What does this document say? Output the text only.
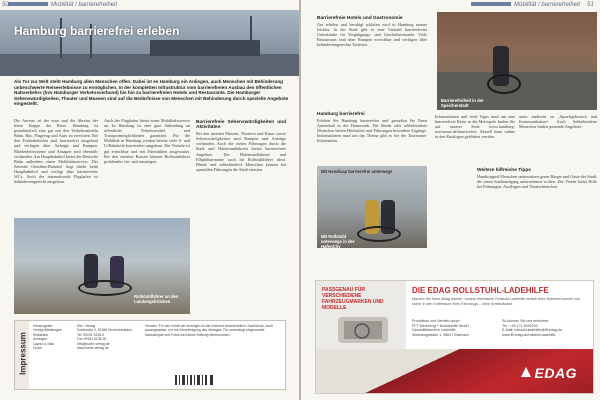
Mobilität / barrierefreiheit
50
Hamburg barrierefrei erleben
Als Tor zur Welt steht Hamburg allen Menschen offen. Dabei ist es Hamburg ein Anliegen, auch Menschen mit Behinderung unbeschwerte Reiseerlebnisse zu ermöglichen. In der kompletten Infrastruktur vom barrierefreien Ausbau des öffentlichen Nahverkehrs (hvv Hamburger Verkehrsverbund) bis hin zu barrierefreien Hotels und Restaurants. Die Hamburger Sehenswürdigkeiten, Theater und Museen sind auf die Bedürfnisse von Menschen mit Behinderung durch spezielle Angebote eingestellt.

Die Anreise ist der erste und die Abreise der letzte Etappe der Reise. Hamburg ist grundsätzlich eine gut mit den Verkehrsmitteln Bahn, Bus, Flugzeug und Auto zu erreichen. Bei den Fernbahnhöfen sind barrierefrei ausgebaut und verfügen über Aufzüge und Rampen. Blindenleitsysteme und Ansagen sind ebenfalls vorhanden. Am Hauptbahnhof bietet die Deutsche Bahn außerdem einen Mobilitätsservice. Der Zentrale Omnibus-Bahnhof liegt direkt beim Hauptbahnhof und verfügt über barrierefreie WCs. Auch der internationale Flughafen ist behindertengerecht ausgebaut.

Auch der Flughafen bietet einen Mobilitätsservice an. In Hamburg ist eine gute Anbindung an öffentliche Verkehrsmittel und Transportmöglichkeiten garantiert. Für die Mobilität in Hamburg werden bereits viele S- und U-Bahnhöfe barrierefrei umgebaut. Der Verkehr ist gut erreichbar und mit Fahrstühlen ausgestattet. Bei den meisten Bussen können Rollstuhlfahrer problemlos ein- und aussteigen.

Barrierefreie Sehenswürdigkeiten und Aktivitäten

Bei den meisten Museen, Theatern und Kinos sowie Sehenswürdigkeiten sind Rampen und Aufzüge vorhanden. Auch die vielen Führungen durch die Stadt und Hafenrundfahrten bieten barrierefreie Angebote. Der Hafenrundfahrten und Elbphilharmonie auch für Rollstuhlfahrer ideal. Blinde und sehbehinderte Menschen können bei speziellen Führungen die Stadt ertasten.

Rollstuhlfahrer an den Landungsbrücken
Impressum
Herausgeber
Verlag Mitteilungen
Redaktion
Anzeigen
Layout & Satz
Druck
Sitz / Verlag
Dorfstraße 4, 91356 Kirchehrenbach
Tel. 09191 6135-0
Fax 09191 6135-30
info@kurier-verlag.de
www.kurier-verlag.de
Hinweis: Für den Inhalt der Anzeigen ist der Inserent verantwortlich. Nachdruck, auch auszugsweise, nur mit Genehmigung des Verlages. Für unverlangt eingesandte Manuskripte und Fotos wird keine Haftung übernommen.
Mobilität / barrierefreiheit 51
Barrierefreie Hotels und Gastronomie

Gut erholen und beruhigt schlafen wird in Hamburg immer leichter. In der Stadt gibt es eine Vielzahl barrierefreier Unterkünfte für Vergnügungs- und Geschäftsreisende. Viele Restaurants sind über Rampen erreichbar und verfügen über behindertengerechte Toiletten.

Hamburg barrierefrei

Erleben Sie Hamburg barrierefrei und genießen Sie Ihren Aufenthalt in der Hansestadt. Für blinde oder sehbehinderte Menschen bieten Hörbücher und Führungen besondere Zugänge. Informationen rund um das Thema gibt es bei der Tourismus-Information.

Barrierefreiheit in der Speicherstadt

Informationen und viele Tipps rund um eine barrierefreie Reise in die Metropole finden Sie auf unserer Seite www.hamburg-tourismus.de/barrierefrei. Aktuell kann online in den Katalogen geblättert werden.

unter anderem zu „Sprachgebrauch und Kommunikation“. Auch Sehbehinderte Menschen finden passende Angebote.

Mit Handicap barrierefrei unterwegs
Mit Rollstuhl unterwegs in der HafenCity
Weitere hilfreiche Tipps

Handicapped Menschen unterstützen gerne Bürger und Gäste der Stadt, die einen Stadtrundgang unternehmen wollen. Der Verein bietet Hilfe bei Führungen, Ausflügen und Theaterbesuchen.

PASSGENAU FÜR VERSCHIEDENE FAHRZEUGMARKEN UND MODELLE
DIE EDAG ROLLSTUHL-LADEHILFE
Machen Sie Ihren Alltag leichter: Unsere elektrische Rollstuhl-Ladehilfe verlädt Ihren Rollstuhl schnell und sicher in den Kofferraum Ihres Fahrzeugs – ohne Kraftaufwand.
Produktion und Vertrieb durch:
FFT Werkzeug + Kunststoffe GmbH
Geschäftsbereich Ladehilfe
Werkzeugstraße 1, 98617 Eisenach
So können Sie uns erreichen:
Tel.: +49 171 5092034
E-Mail: rollstuhl-ladehilfe@fft.edag.de
www.fft.edag.de/rollstuhl-ladehilfe
EDAG
